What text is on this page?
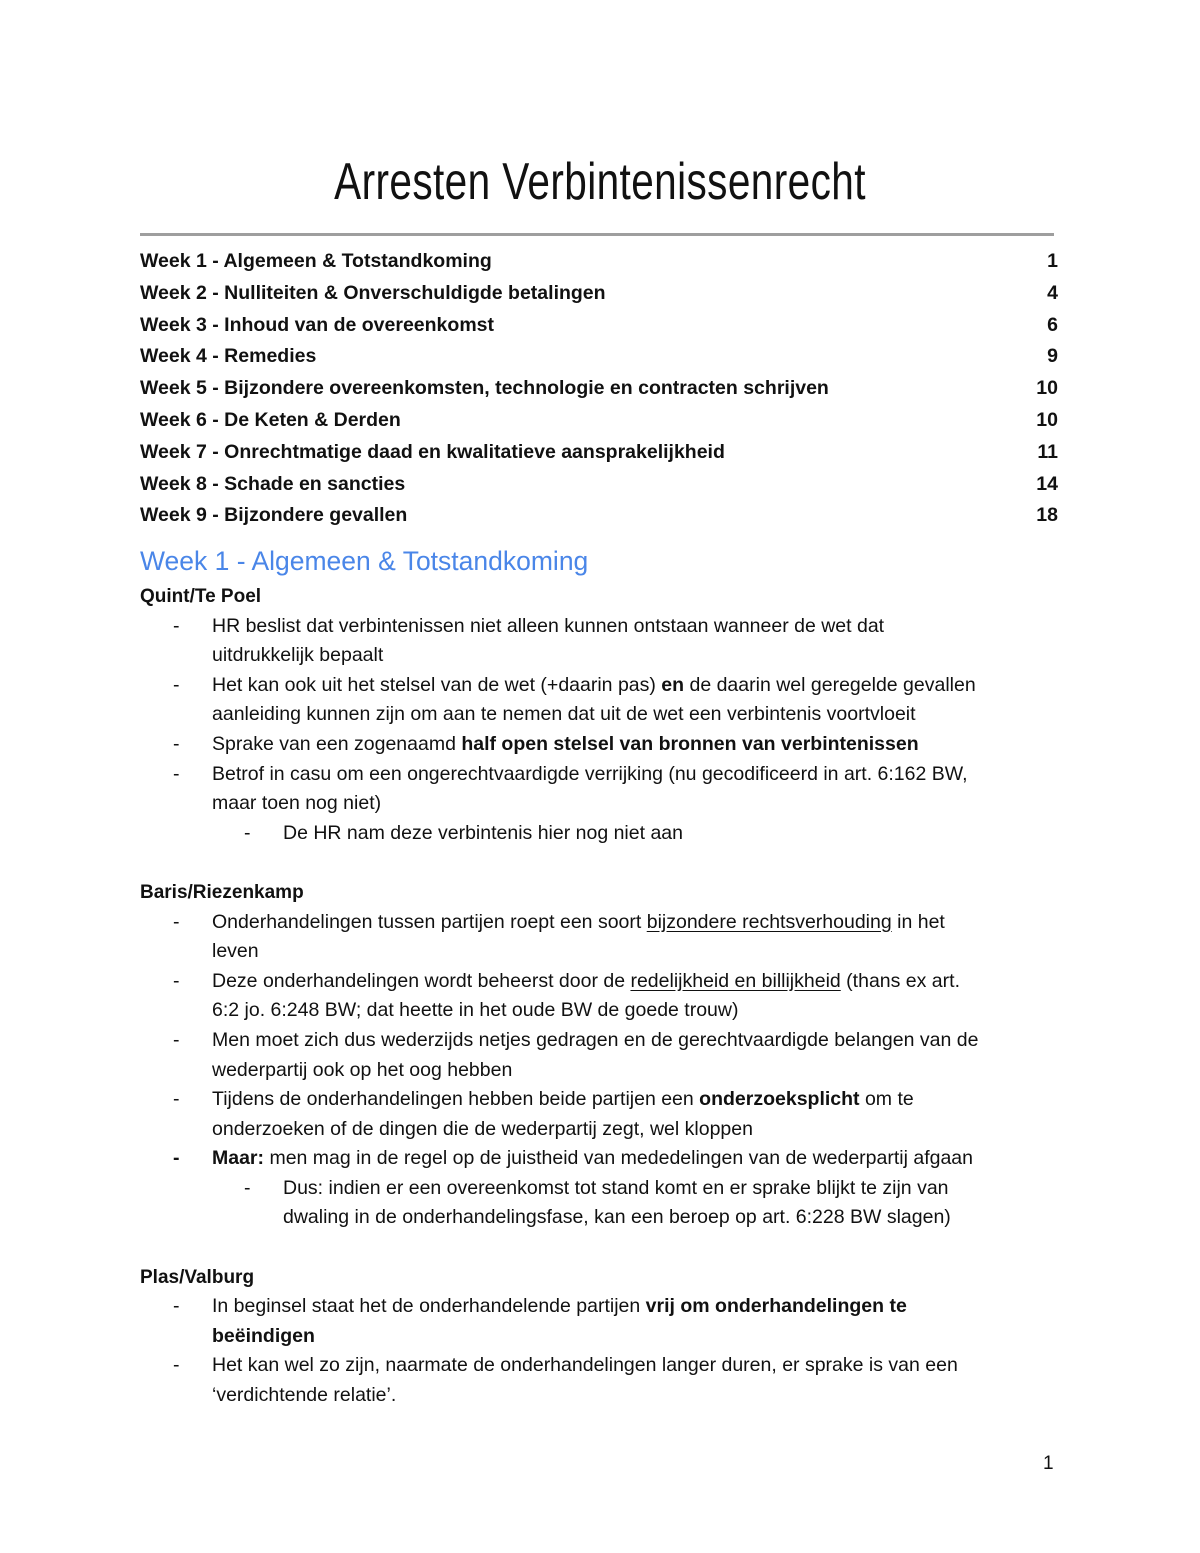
Arresten Verbintenissenrecht
Week 1 - Algemeen & Totstandkoming	1
Week 2 - Nulliteiten & Onverschuldigde betalingen	4
Week 3 - Inhoud van de overeenkomst	6
Week 4 - Remedies	9
Week 5 - Bijzondere overeenkomsten, technologie en contracten schrijven	10
Week 6 - De Keten & Derden	10
Week 7 - Onrechtmatige daad en kwalitatieve aansprakelijkheid	11
Week 8 - Schade en sancties	14
Week 9 - Bijzondere gevallen	18
Week 1 - Algemeen & Totstandkoming
Quint/Te Poel
- HR beslist dat verbintenissen niet alleen kunnen ontstaan wanneer de wet dat
uitdrukkelijk bepaalt
- Het kan ook uit het stelsel van de wet (+daarin pas) en de daarin wel geregelde gevallen
aanleiding kunnen zijn om aan te nemen dat uit de wet een verbintenis voortvloeit
- Sprake van een zogenaamd half open stelsel van bronnen van verbintenissen
- Betrof in casu om een ongerechtvaardigde verrijking (nu gecodificeerd in art. 6:162 BW,
maar toen nog niet)
- De HR nam deze verbintenis hier nog niet aan
Baris/Riezenkamp
- Onderhandelingen tussen partijen roept een soort bijzondere rechtsverhouding in het
leven
- Deze onderhandelingen wordt beheerst door de redelijkheid en billijkheid (thans ex art.
6:2 jo. 6:248 BW; dat heette in het oude BW de goede trouw)
- Men moet zich dus wederzijds netjes gedragen en de gerechtvaardigde belangen van de
wederpartij ook op het oog hebben
- Tijdens de onderhandelingen hebben beide partijen een onderzoeksplicht om te
onderzoeken of de dingen die de wederpartij zegt, wel kloppen
- Maar: men mag in de regel op de juistheid van mededelingen van de wederpartij afgaan
- Dus: indien er een overeenkomst tot stand komt en er sprake blijkt te zijn van
dwaling in de onderhandelingsfase, kan een beroep op art. 6:228 BW slagen)
Plas/Valburg
- In beginsel staat het de onderhandelende partijen vrij om onderhandelingen te
beëindigen
- Het kan wel zo zijn, naarmate de onderhandelingen langer duren, er sprake is van een
‘verdichtende relatie’.
1
